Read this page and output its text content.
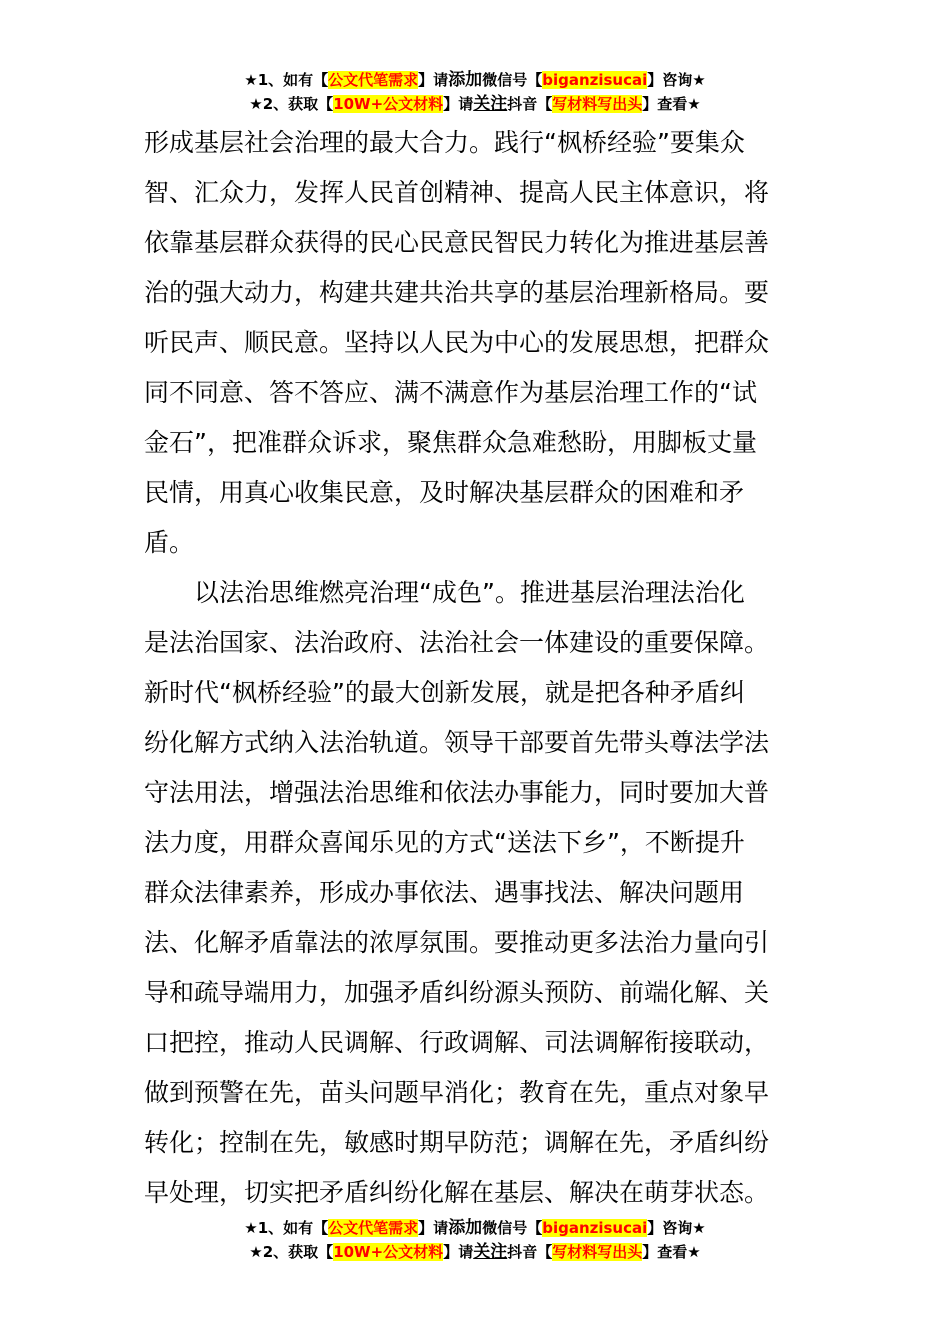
★1、如有【公文代笔需求】请添加微信号【biganzisucai】咨询★
★2、获取【10W+公文材料】请关注抖音【写材料写出头】查看★
形成基层社会治理的最大合力。践行“枫桥经验”要集众
智、汇众力，发挥人民首创精神、提高人民主体意识，将
依靠基层群众获得的民心民意民智民力转化为推进基层善
治的强大动力，构建共建共治共享的基层治理新格局。要
听民声、顺民意。坚持以人民为中心的发展思想，把群众
同不同意、答不答应、满不满意作为基层治理工作的“试
金石”，把准群众诉求，聚焦群众急难愁盼，用脚板丈量
民情，用真心收集民意，及时解决基层群众的困难和矛
盾。
以法治思维燃亮治理“成色”。推进基层治理法治化
是法治国家、法治政府、法治社会一体建设的重要保障。
新时代“枫桥经验”的最大创新发展，就是把各种矛盾纠
纷化解方式纳入法治轨道。领导干部要首先带头尊法学法
守法用法，增强法治思维和依法办事能力，同时要加大普
法力度，用群众喜闻乐见的方式“送法下乡”，不断提升
群众法律素养，形成办事依法、遇事找法、解决问题用
法、化解矛盾靠法的浓厚氛围。要推动更多法治力量向引
导和疏导端用力，加强矛盾纠纷源头预防、前端化解、关
口把控，推动人民调解、行政调解、司法调解衔接联动，
做到预警在先，苗头问题早消化；教育在先，重点对象早
转化；控制在先，敏感时期早防范；调解在先，矛盾纠纷
早处理，切实把矛盾纠纷化解在基层、解决在萌芽状态。
★1、如有【公文代笔需求】请添加微信号【biganzisucai】咨询★
★2、获取【10W+公文材料】请关注抖音【写材料写出头】查看★
